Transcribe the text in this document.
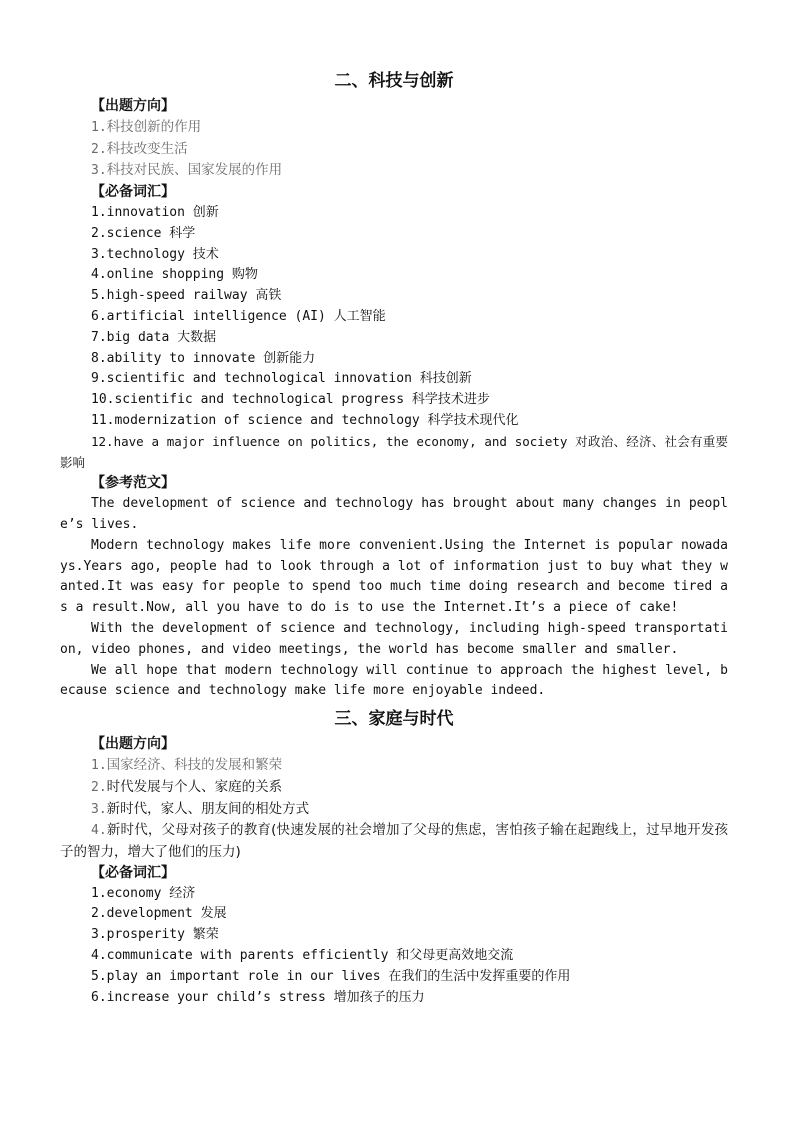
二、科技与创新
【出题方向】
1.科技创新的作用
2.科技改变生活
3.科技对民族、国家发展的作用
【必备词汇】
1.innovation 创新
2.science 科学
3.technology 技术
4.online shopping 购物
5.high-speed railway 高铁
6.artificial intelligence (AI) 人工智能
7.big data 大数据
8.ability to innovate 创新能力
9.scientific and technological innovation 科技创新
10.scientific and technological progress 科学技术进步
11.modernization of science and technology 科学技术现代化

12.have a major influence on politics, the economy, and society 对政治、经济、社会有重要影响

【参考范文】

The development of science and technology has brought about many changes in people’s lives.

Modern technology makes life more convenient.Using the Internet is popular nowadays.Years ago, people had to look through a lot of information just to buy what they wanted.It was easy for people to spend too much time doing research and become tired as a result.Now, all you have to do is to use the Internet.It’s a piece of cake!

With the development of science and technology, including high-speed transportation, video phones, and video meetings, the world has become smaller and smaller.

We all hope that modern technology will continue to approach the highest level, because science and technology make life more enjoyable indeed.

三、家庭与时代
【出题方向】
1.国家经济、科技的发展和繁荣
2.时代发展与个人、家庭的关系
3.新时代，家人、朋友间的相处方式

4.新时代，父母对孩子的教育(快速发展的社会增加了父母的焦虑，害怕孩子输在起跑线上，过早地开发孩子的智力，增大了他们的压力)

【必备词汇】
1.economy 经济
2.development 发展
3.prosperity 繁荣
4.communicate with parents efficiently 和父母更高效地交流
5.play an important role in our lives 在我们的生活中发挥重要的作用
6.increase your child’s stress 增加孩子的压力
